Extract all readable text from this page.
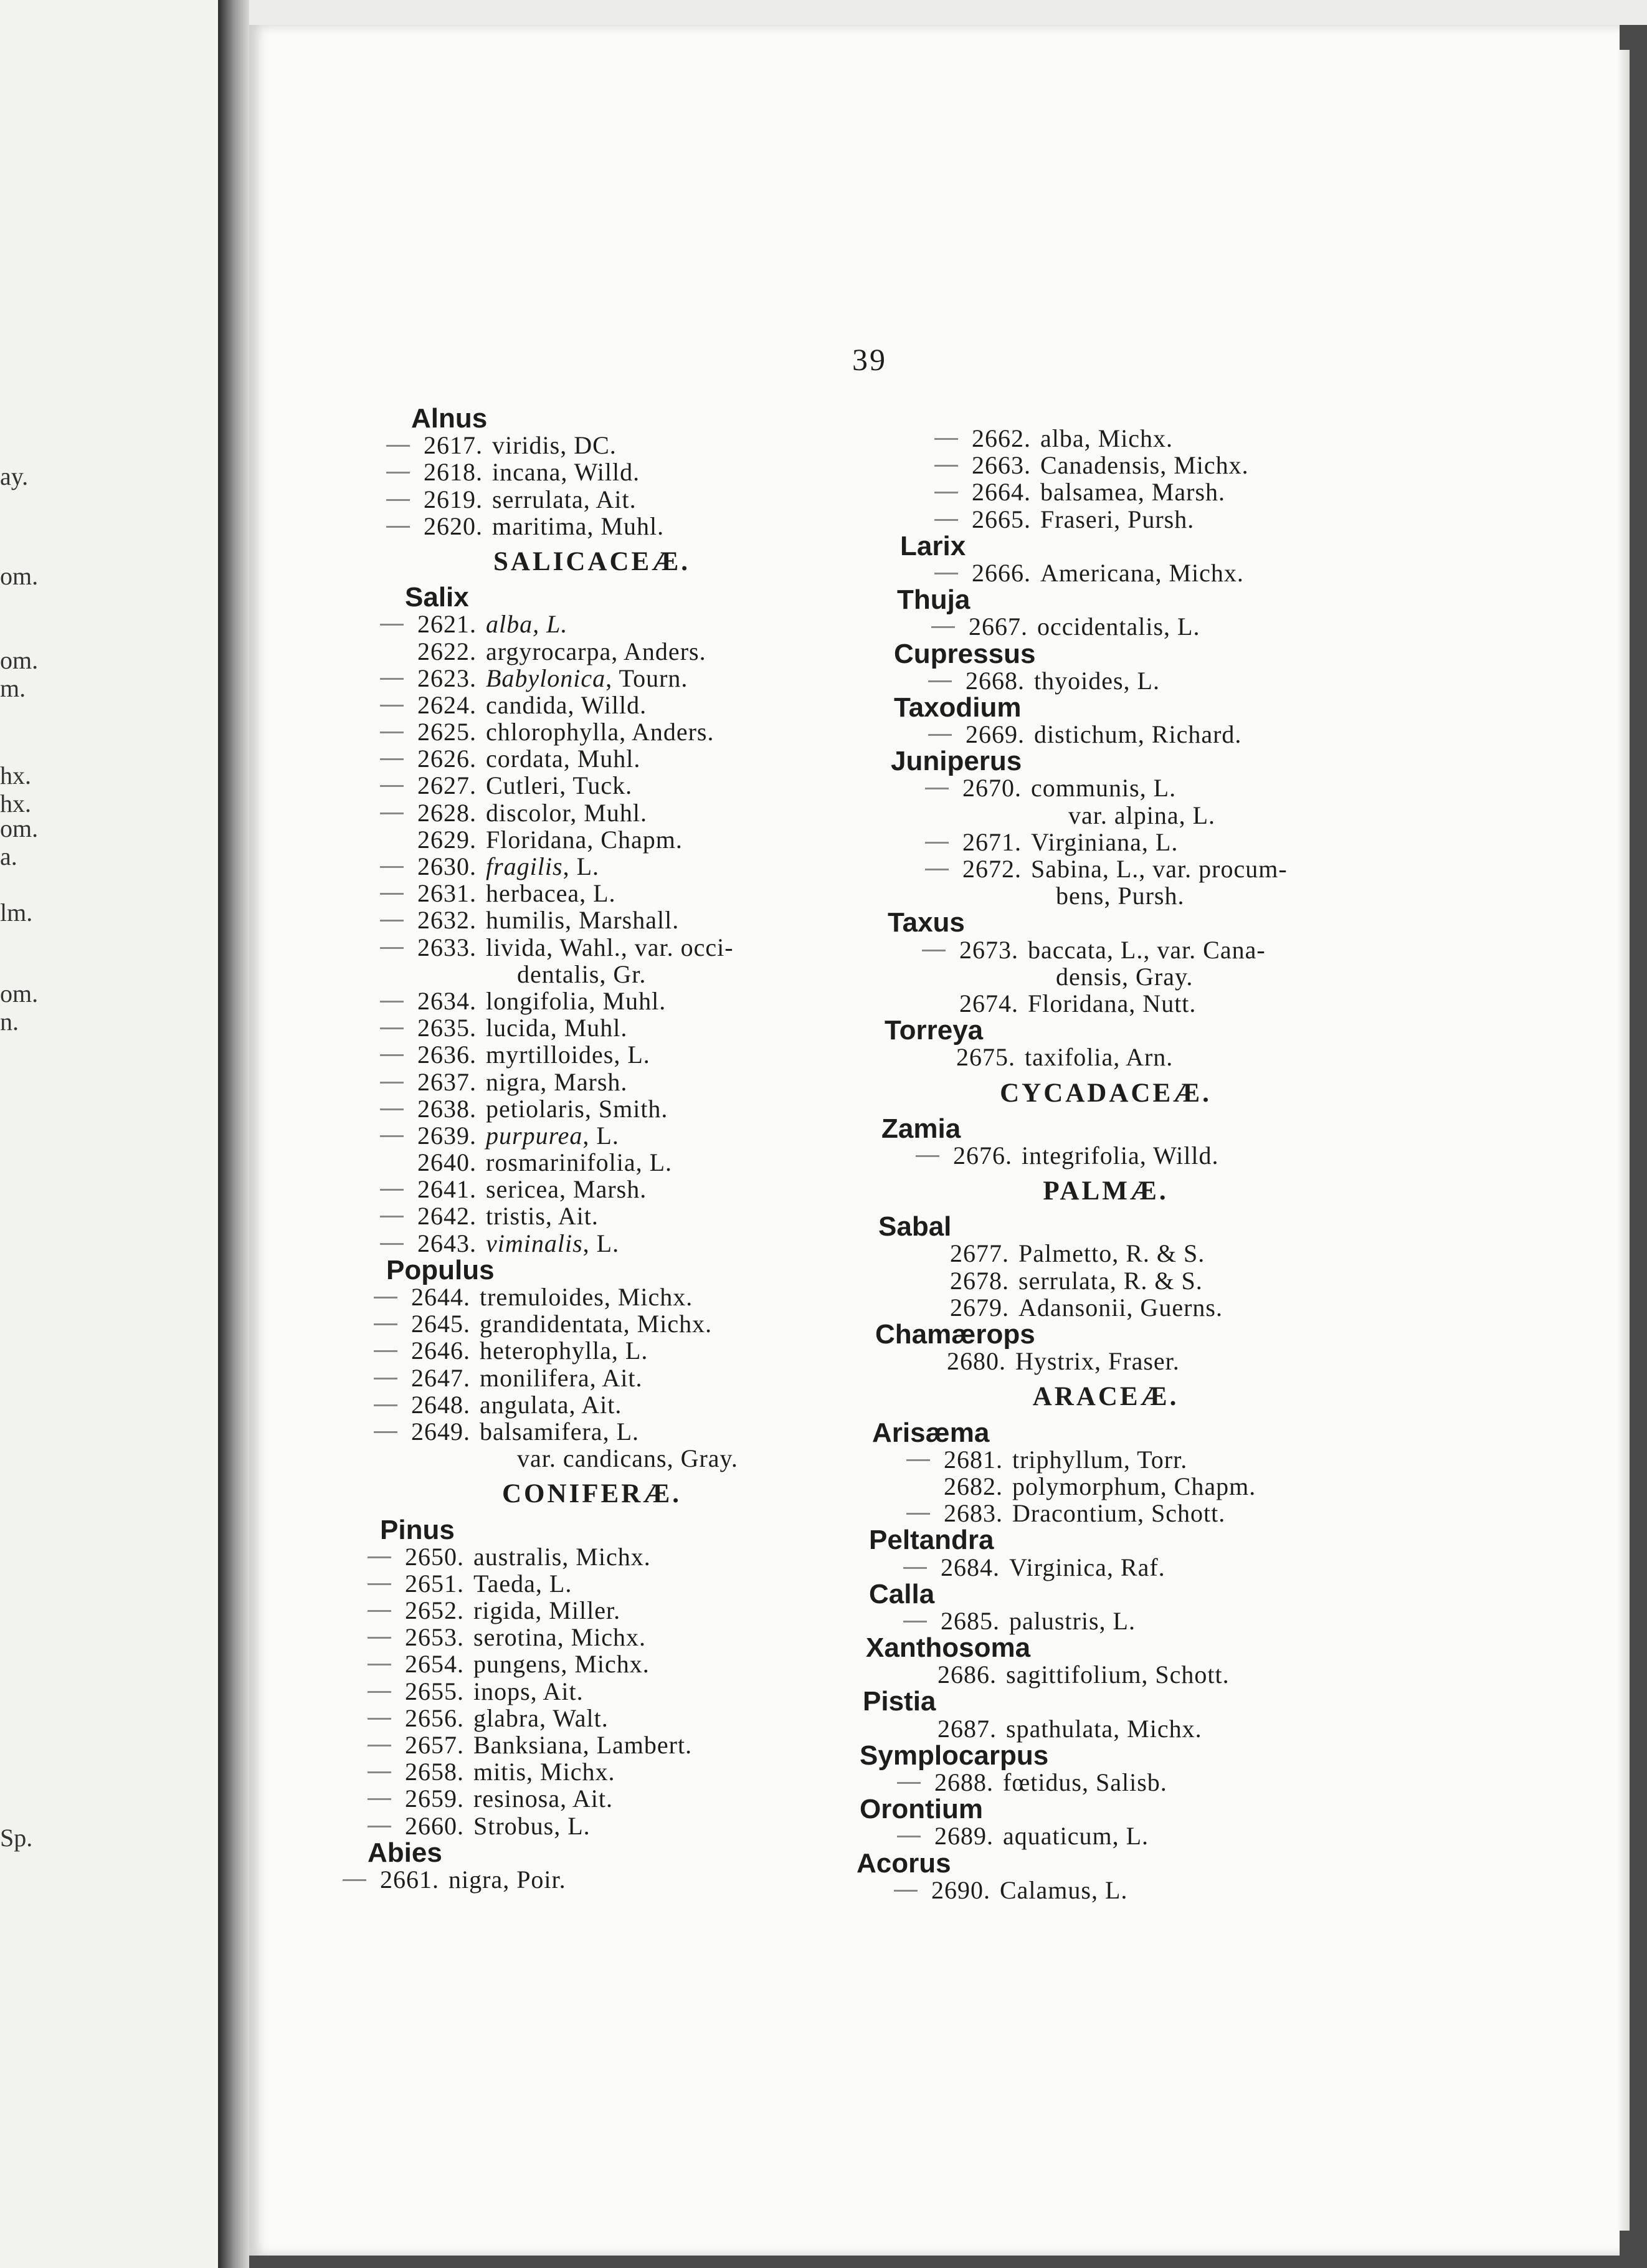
ay.
om.
om.
m.
hx.
hx.
om.
a.
lm.
om.
n.
Sp.
39
Alnus
2617. viridis, DC.
2618. incana, Willd.
2619. serrulata, Ait.
2620. maritima, Muhl.
SALICACEÆ.
Salix
2621. alba, L.
2622. argyrocarpa, Anders.
2623. Babylonica, Tourn.
2624. candida, Willd.
2625. chlorophylla, Anders.
2626. cordata, Muhl.
2627. Cutleri, Tuck.
2628. discolor, Muhl.
2629. Floridana, Chapm.
2630. fragilis, L.
2631. herbacea, L.
2632. humilis, Marshall.
2633. livida, Wahl., var. occi-
dentalis, Gr.
2634. longifolia, Muhl.
2635. lucida, Muhl.
2636. myrtilloides, L.
2637. nigra, Marsh.
2638. petiolaris, Smith.
2639. purpurea, L.
2640. rosmarinifolia, L.
2641. sericea, Marsh.
2642. tristis, Ait.
2643. viminalis, L.
Populus
2644. tremuloides, Michx.
2645. grandidentata, Michx.
2646. heterophylla, L.
2647. monilifera, Ait.
2648. angulata, Ait.
2649. balsamifera, L.
var. candicans, Gray.
CONIFERÆ.
Pinus
2650. australis, Michx.
2651. Taeda, L.
2652. rigida, Miller.
2653. serotina, Michx.
2654. pungens, Michx.
2655. inops, Ait.
2656. glabra, Walt.
2657. Banksiana, Lambert.
2658. mitis, Michx.
2659. resinosa, Ait.
2660. Strobus, L.
Abies
2661. nigra, Poir.
2662. alba, Michx.
2663. Canadensis, Michx.
2664. balsamea, Marsh.
2665. Fraseri, Pursh.
Larix
2666. Americana, Michx.
Thuja
2667. occidentalis, L.
Cupressus
2668. thyoides, L.
Taxodium
2669. distichum, Richard.
Juniperus
2670. communis, L.
var. alpina, L.
2671. Virginiana, L.
2672. Sabina, L., var. procum-
bens, Pursh.
Taxus
2673. baccata, L., var. Cana-
densis, Gray.
2674. Floridana, Nutt.
Torreya
2675. taxifolia, Arn.
CYCADACEÆ.
Zamia
2676. integrifolia, Willd.
PALMÆ.
Sabal
2677. Palmetto, R. & S.
2678. serrulata, R. & S.
2679. Adansonii, Guerns.
Chamærops
2680. Hystrix, Fraser.
ARACEÆ.
Arisæma
2681. triphyllum, Torr.
2682. polymorphum, Chapm.
2683. Dracontium, Schott.
Peltandra
2684. Virginica, Raf.
Calla
2685. palustris, L.
Xanthosoma
2686. sagittifolium, Schott.
Pistia
2687. spathulata, Michx.
Symplocarpus
2688. fœtidus, Salisb.
Orontium
2689. aquaticum, L.
Acorus
2690. Calamus, L.
